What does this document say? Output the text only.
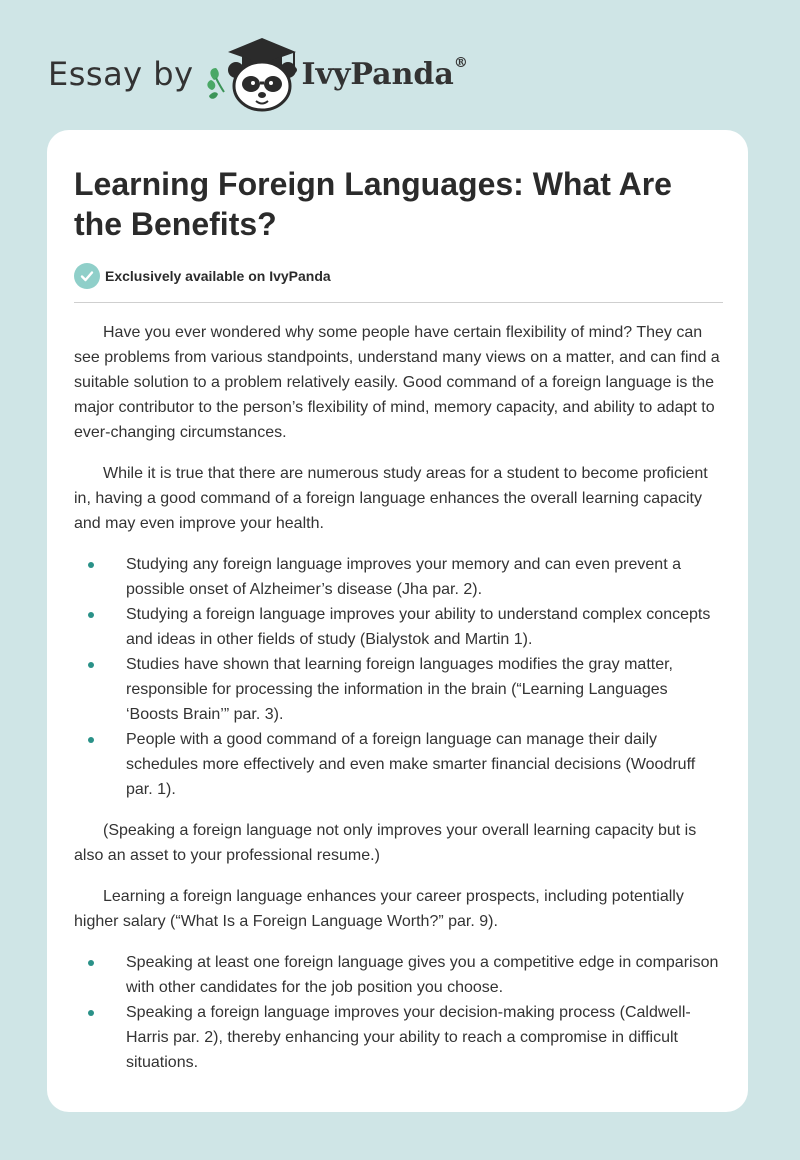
Essay by	IvyPanda®
Learning Foreign Languages: What Are the Benefits?
Exclusively available on IvyPanda

Have you ever wondered why some people have certain flexibility of mind? They can see problems from various standpoints, understand many views on a matter, and can find a suitable solution to a problem relatively easily. Good command of a foreign language is the major contributor to the person’s flexibility of mind, memory capacity, and ability to adapt to ever-changing circumstances.

While it is true that there are numerous study areas for a student to become proficient in, having a good command of a foreign language enhances the overall learning capacity and may even improve your health.

Studying any foreign language improves your memory and can even prevent a possible onset of Alzheimer’s disease (Jha par. 2).
Studying a foreign language improves your ability to understand complex concepts and ideas in other fields of study (Bialystok and Martin 1).
Studies have shown that learning foreign languages modifies the gray matter, responsible for processing the information in the brain (“Learning Languages ‘Boosts Brain’” par. 3).
People with a good command of a foreign language can manage their daily schedules more effectively and even make smarter financial decisions (Woodruff par. 1).

(Speaking a foreign language not only improves your overall learning capacity but is also an asset to your professional resume.)

Learning a foreign language enhances your career prospects, including potentially higher salary (“What Is a Foreign Language Worth?” par. 9).

Speaking at least one foreign language gives you a competitive edge in comparison with other candidates for the job position you choose.
Speaking a foreign language improves your decision-making process (Caldwell-Harris par. 2), thereby enhancing your ability to reach a compromise in difficult situations.
